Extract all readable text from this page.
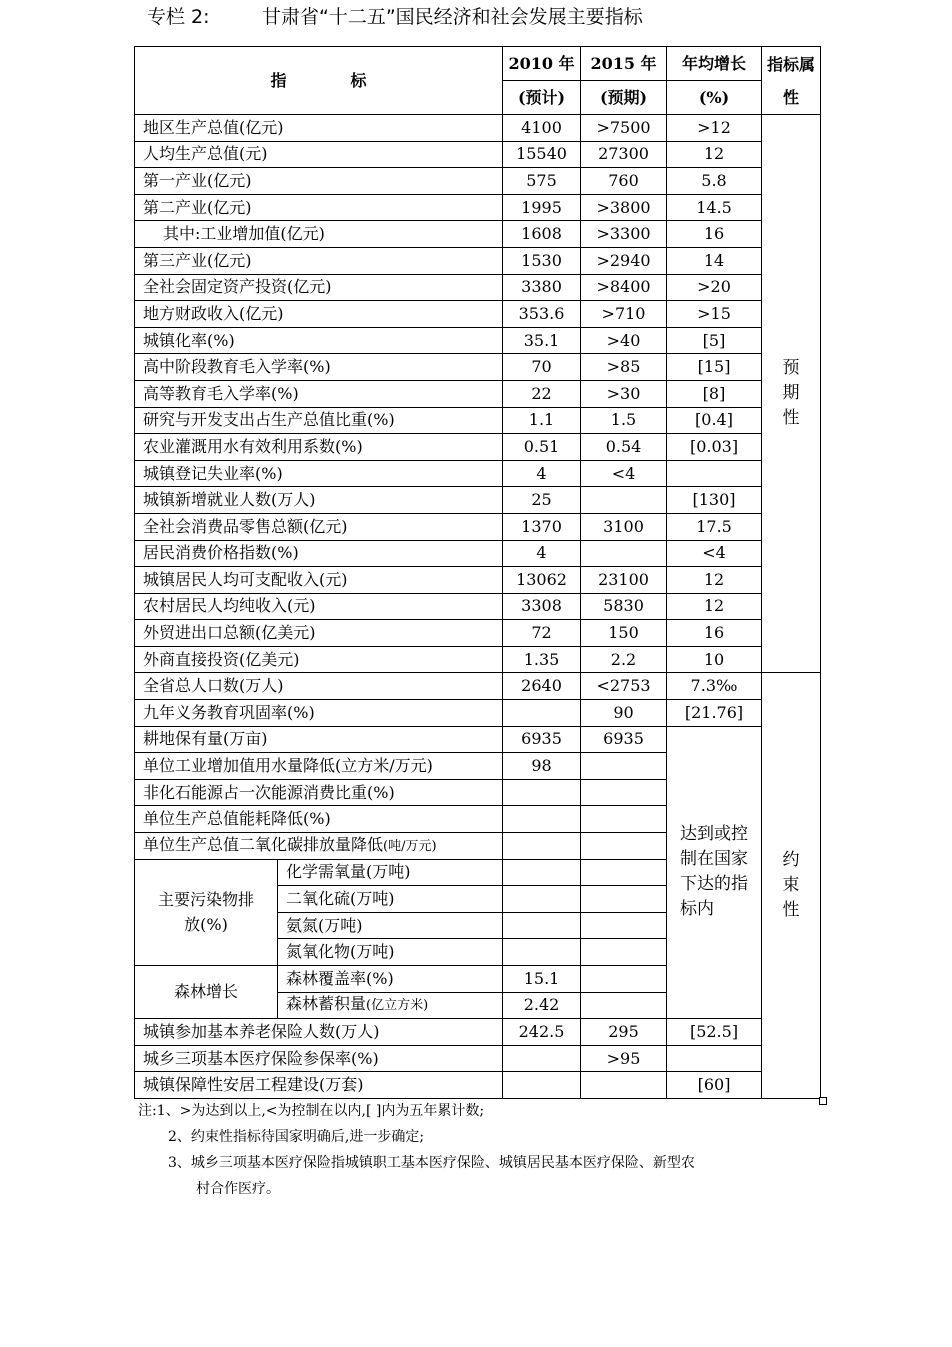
专栏 2:	甘肃省“十二五”国民经济和社会发展主要指标
指　　　　标		2010 年	2015 年	年均增长	指标属性
		(预计)	(预期)	(%)	
地区生产总值(亿元)		4100	>7500	>12	预期性

人均生产总值(元)		15540	27300	12	
第一产业(亿元)		575	760	5.8	
第二产业(亿元)		1995	>3800	14.5	
其中:工业增加值(亿元)		1608	>3300	16	
第三产业(亿元)		1530	>2940	14	
全社会固定资产投资(亿元)		3380	>8400	>20	
地方财政收入(亿元)		353.6	>710	>15	
城镇化率(%)		35.1	>40	[5]	
高中阶段教育毛入学率(%)		70	>85	[15]	
高等教育毛入学率(%)		22	>30	[8]	
研究与开发支出占生产总值比重(%)		1.1	1.5	[0.4]	
农业灌溉用水有效利用系数(%)		0.51	0.54	[0.03]	
城镇登记失业率(%)		4	<4		
城镇新增就业人数(万人)		25		[130]	
全社会消费品零售总额(亿元)		1370	3100	17.5	
居民消费价格指数(%)		4		<4	
城镇居民人均可支配收入(元)		13062	23100	12	
农村居民人均纯收入(元)		3308	5830	12	
外贸进出口总额(亿美元)		72	150	16	
外商直接投资(亿美元)		1.35	2.2	10	
全省总人口数(万人)		2640	<2753	7.3‰	约束性

九年义务教育巩固率(%)			90	[21.76]	
耕地保有量(万亩)		6935	6935	达到或控制在国家下达的指标内	

单位工业增加值用水量降低(立方米/万元)		98			
非化石能源占一次能源消费比重(%)					
单位生产总值能耗降低(%)					
单位生产总值二氧化碳排放量降低(吨/万元)					

主要污染物排放(%)	化学需氧量(万吨)				
	二氧化硫(万吨)				
	氨氮(万吨)				
	氮氧化物(万吨)				
森林增长	森林覆盖率(%)	15.1			
	森林蓄积量(亿立方米)	2.42			
城镇参加基本养老保险人数(万人)		242.5	295	[52.5]	
城乡三项基本医疗保险参保率(%)			>95		
城镇保障性安居工程建设(万套)				[60]	
注:1、>为达到以上,<为控制在以内,[ ]内为五年累计数;
2、约束性指标待国家明确后,进一步确定;
3、城乡三项基本医疗保险指城镇职工基本医疗保险、城镇居民基本医疗保险、新型农
村合作医疗。
